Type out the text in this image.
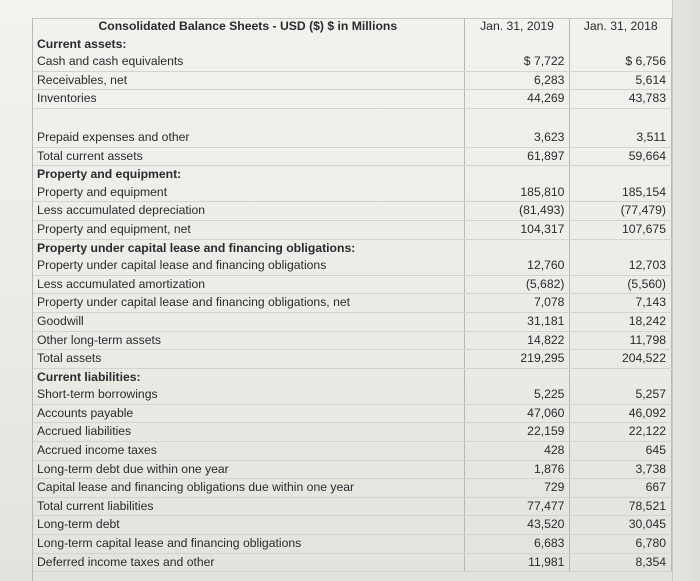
Consolidated Balance Sheets - USD ($) $ in Millions	Jan. 31, 2019	Jan. 31, 2018
Current assets:		
Cash and cash equivalents	$ 7,722	$ 6,756
Receivables, net	6,283	5,614
Inventories	44,269	43,783

Prepaid expenses and other	3,623	3,511
Total current assets	61,897	59,664
Property and equipment:		
Property and equipment	185,810	185,154
Less accumulated depreciation	(81,493)	(77,479)
Property and equipment, net	104,317	107,675
Property under capital lease and financing obligations:		
Property under capital lease and financing obligations	12,760	12,703
Less accumulated amortization	(5,682)	(5,560)
Property under capital lease and financing obligations, net	7,078	7,143
Goodwill	31,181	18,242
Other long-term assets	14,822	11,798
Total assets	219,295	204,522
Current liabilities:		
Short-term borrowings	5,225	5,257
Accounts payable	47,060	46,092
Accrued liabilities	22,159	22,122
Accrued income taxes	428	645
Long-term debt due within one year	1,876	3,738
Capital lease and financing obligations due within one year	729	667
Total current liabilities	77,477	78,521
Long-term debt	43,520	30,045
Long-term capital lease and financing obligations	6,683	6,780
Deferred income taxes and other	11,981	8,354
